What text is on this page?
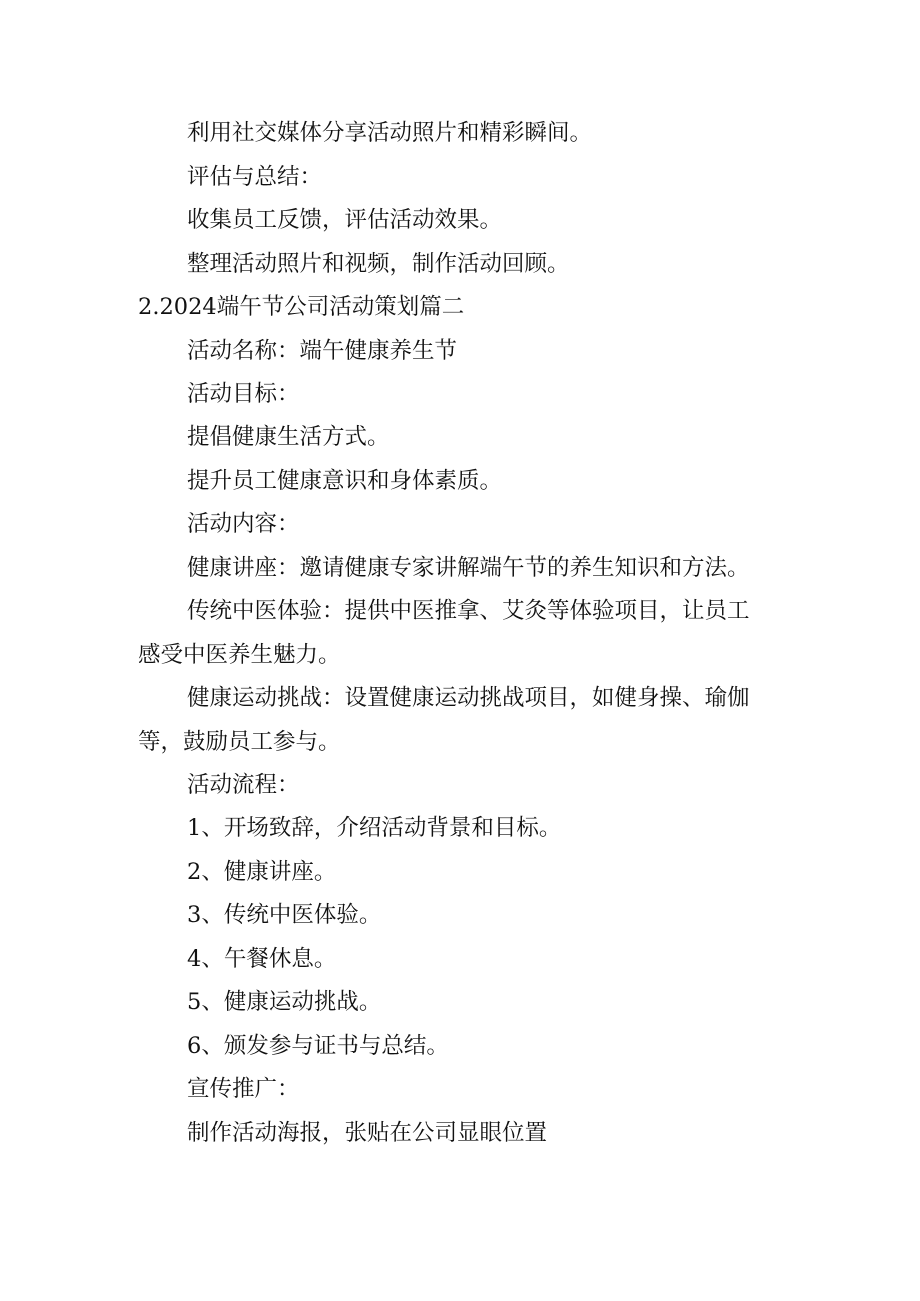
利用社交媒体分享活动照片和精彩瞬间。
评估与总结：
收集员工反馈，评估活动效果。
整理活动照片和视频，制作活动回顾。
2.2024端午节公司活动策划篇二
活动名称：端午健康养生节
活动目标：
提倡健康生活方式。
提升员工健康意识和身体素质。
活动内容：
健康讲座：邀请健康专家讲解端午节的养生知识和方法。
传统中医体验：提供中医推拿、艾灸等体验项目，让员工
感受中医养生魅力。
健康运动挑战：设置健康运动挑战项目，如健身操、瑜伽
等，鼓励员工参与。
活动流程：
1、开场致辞，介绍活动背景和目标。
2、健康讲座。
3、传统中医体验。
4、午餐休息。
5、健康运动挑战。
6、颁发参与证书与总结。
宣传推广：
制作活动海报，张贴在公司显眼位置
